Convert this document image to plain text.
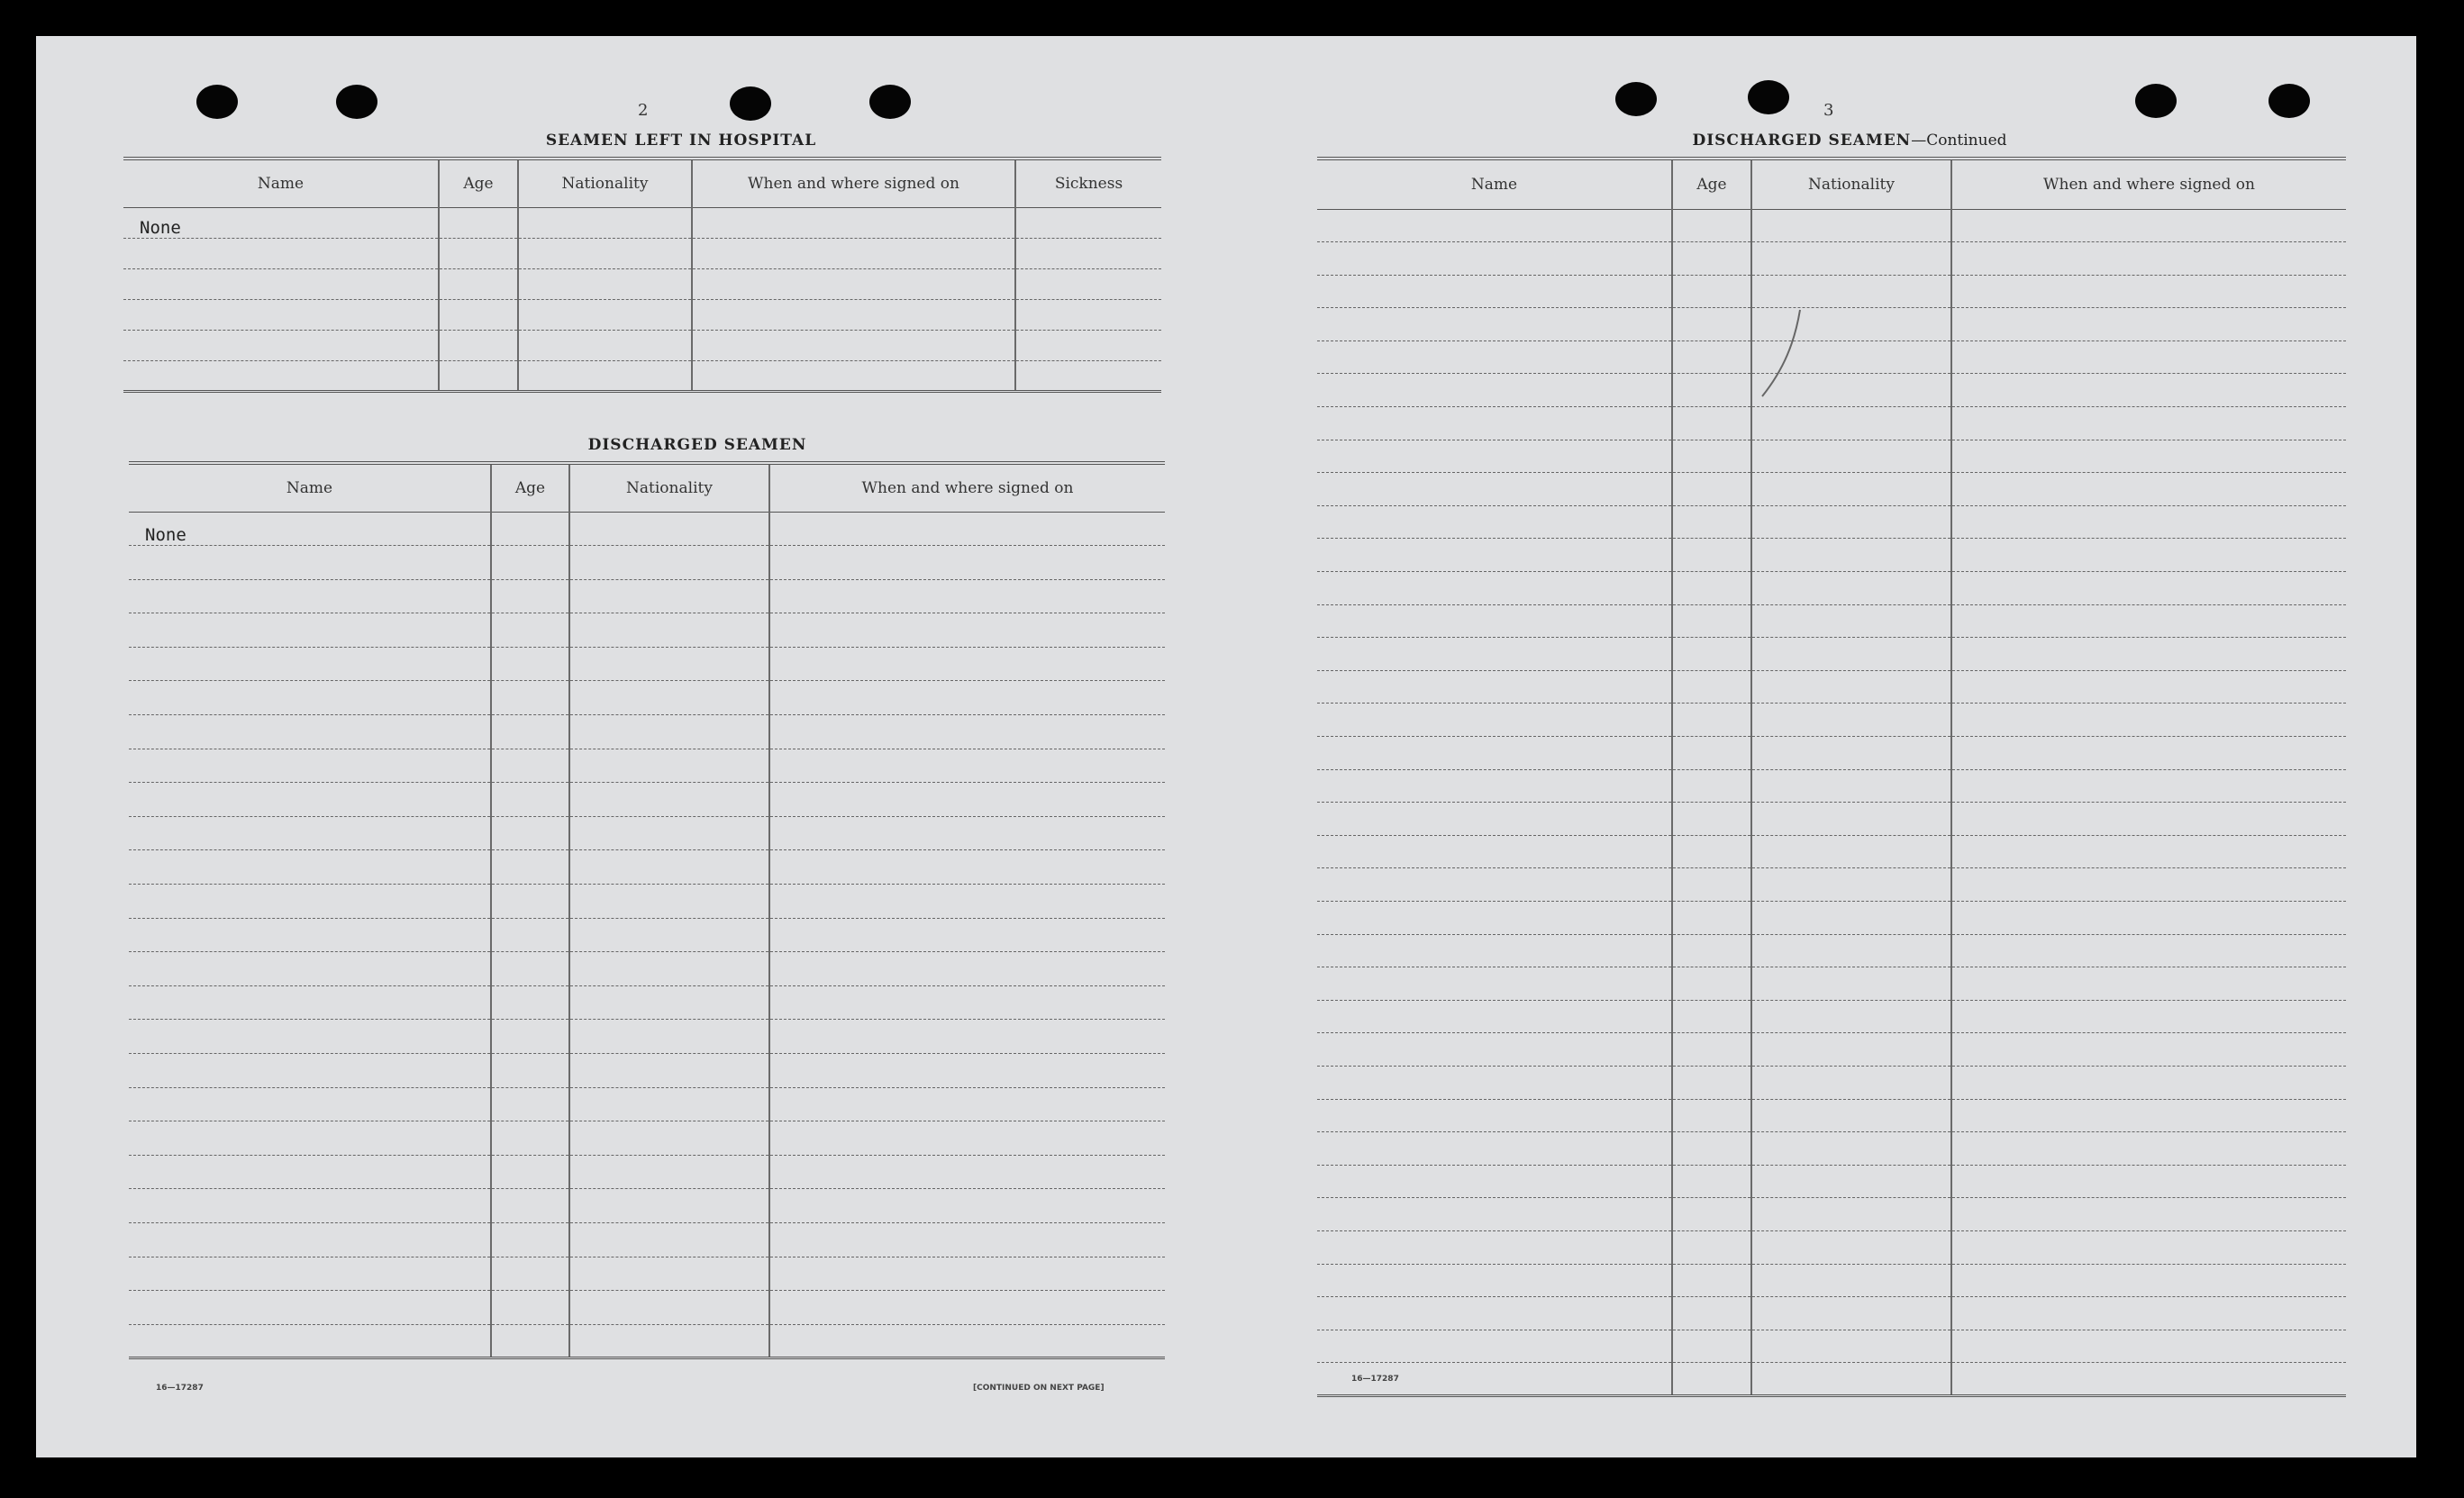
2
SEAMEN LEFT IN HOSPITAL
Name	Age	Nationality	When and where signed on	Sickness
None				

DISCHARGED SEAMEN
Name	Age	Nationality	When and where signed on
None			

16—17287	[CONTINUED ON NEXT PAGE]
3
DISCHARGED SEAMEN—Continued
Name	Age	Nationality	When and where signed on

16—17287
